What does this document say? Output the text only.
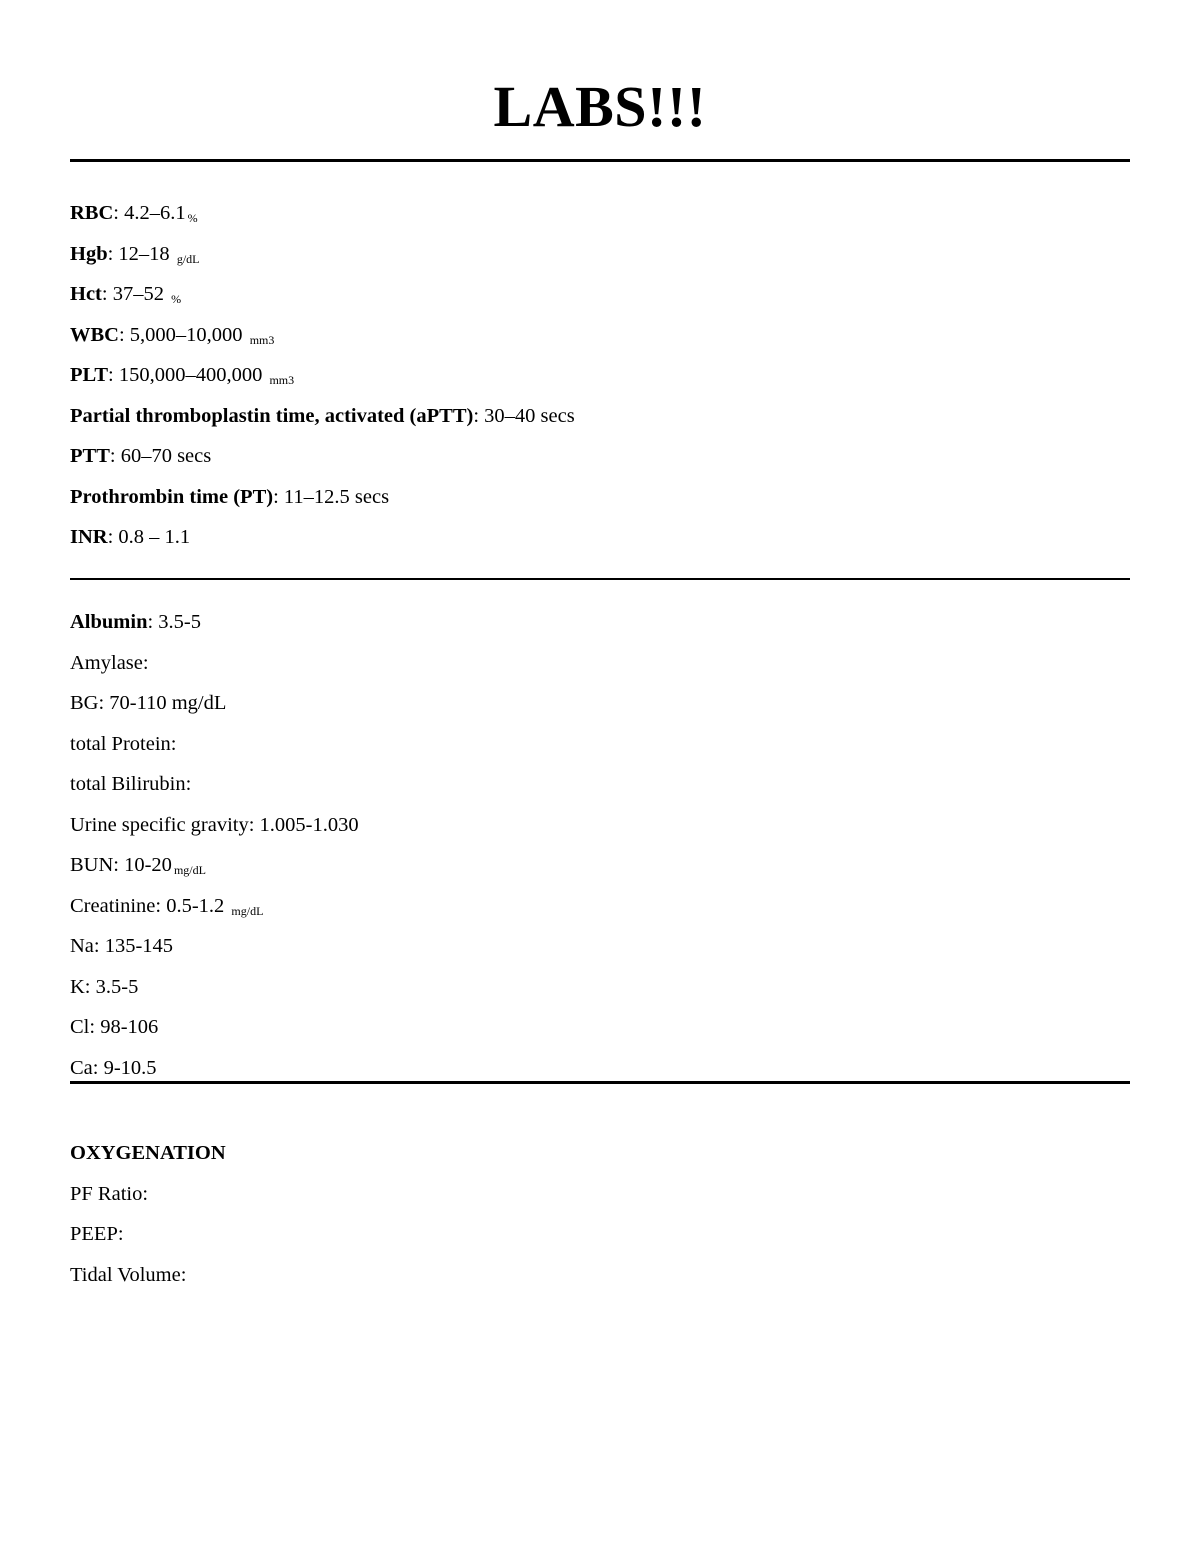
LABS!!!
RBC: 4.2–6.1 %
Hgb: 12–18 g/dL
Hct: 37–52 %
WBC: 5,000–10,000 mm3
PLT: 150,000–400,000 mm3
Partial thromboplastin time, activated (aPTT): 30–40 secs
PTT: 60–70 secs
Prothrombin time (PT): 11–12.5 secs
INR: 0.8 – 1.1
Albumin: 3.5-5
Amylase:
BG: 70-110 mg/dL
total Protein:
total Bilirubin:
Urine specific gravity: 1.005-1.030
BUN: 10-20 mg/dL
Creatinine: 0.5-1.2 mg/dL
Na: 135-145
K: 3.5-5
Cl: 98-106
Ca: 9-10.5
OXYGENATION
PF Ratio:
PEEP:
Tidal Volume:
